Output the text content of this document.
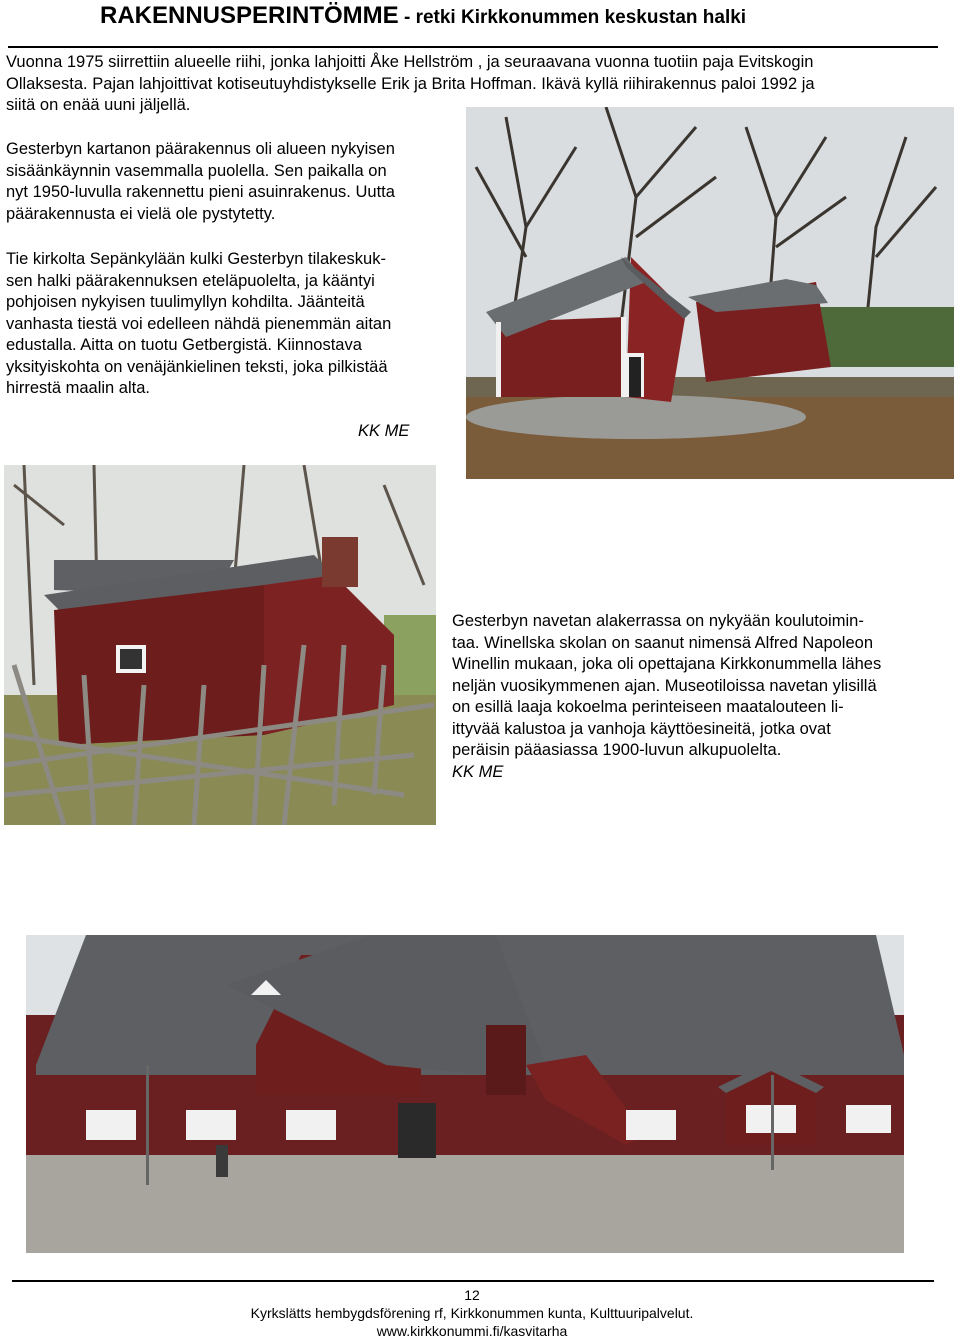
RAKENNUSPERINTÖMME - retki Kirkkonummen keskustan halki

Vuonna 1975 siirrettiin alueelle riihi, jonka lahjoitti Åke Hellström , ja seuraavana vuonna tuotiin paja Evitskogin

Ollaksesta. Pajan lahjoittivat kotiseutuyhdistykselle Erik ja Brita Hoffman. Ikävä kyllä riihirakennus paloi 1992 ja

siitä on enää uuni jäljellä.

Gesterbyn kartanon päärakennus oli alueen nykyisen

sisäänkäynnin vasemmalla puolella. Sen paikalla on

nyt 1950-luvulla rakennettu pieni asuinrakenus. Uutta

päärakennusta ei vielä ole pystytetty.

Tie kirkolta Sepänkylään kulki Gesterbyn tilakeskuk-

sen halki päärakennuksen eteläpuolelta, ja kääntyi

pohjoisen nykyisen tuulimyllyn kohdilta. Jäänteitä

vanhasta tiestä voi edelleen nähdä pienemmän aitan

edustalla. Aitta on tuotu Getbergistä. Kiinnostava

yksityiskohta on venäjänkielinen teksti, joka pilkistää

hirrestä maalin alta.

KK ME

Gesterbyn navetan alakerrassa on nykyään koulutoimin-

taa. Winellska skolan on saanut nimensä Alfred Napoleon

Winellin mukaan, joka oli opettajana Kirkkonummella lähes

neljän vuosikymmenen ajan. Museotiloissa navetan ylisillä

on esillä laaja kokoelma perinteiseen maatalouteen li-

ittyvää kalustoa ja vanhoja käyttöesineitä, jotka ovat

peräisin pääasiassa 1900-luvun alkupuolelta.

KK ME

12
Kyrkslätts hembygdsförening rf, Kirkkonummen kunta, Kulttuuripalvelut.
www.kirkkonummi.fi/kasvitarha
